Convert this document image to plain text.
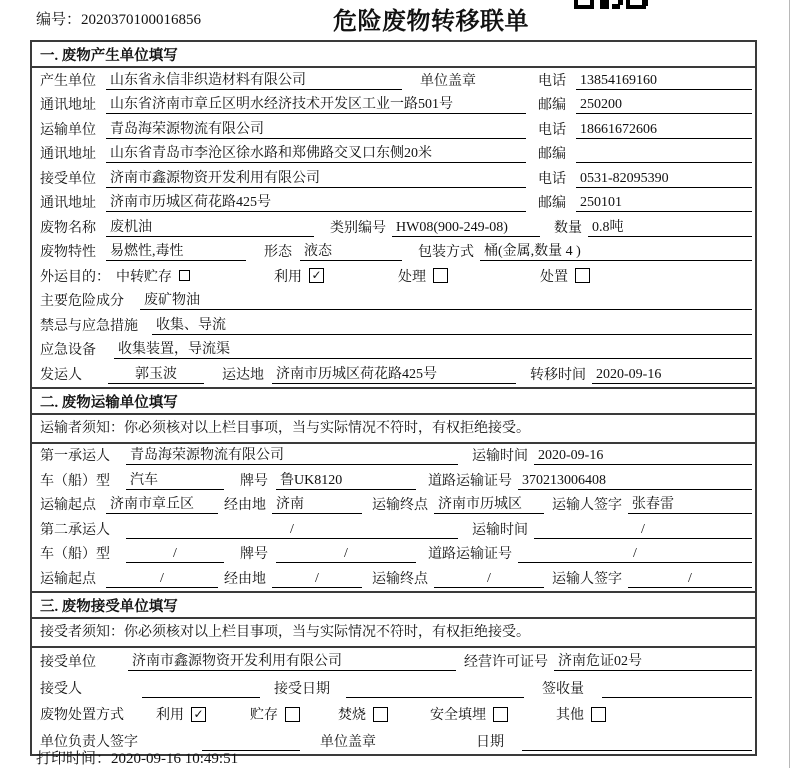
编号：2020370100016856	危险废物转移联单
一. 废物产生单位填写
产生单位	山东省永信非织造材料有限公司	单位盖章	电话	13854169160
通讯地址	山东省济南市章丘区明水经济技术开发区工业一路501号	邮编	250200
运输单位	青岛海荣源物流有限公司	电话	18661672606
通讯地址	山东省青岛市李沧区徐水路和郑佛路交叉口东侧20米	邮编
接受单位	济南市鑫源物资开发利用有限公司	电话	0531-82095390
通讯地址	济南市历城区荷花路425号	邮编	250101
废物名称	废机油	类别编号 HW08(900-249-08)	数量 0.8吨
废物特性	易燃性,毒性	形态 液态	包装方式 桶(金属,数量 4 )
外运目的： 中转贮存	利用 ✓	处理	处置
主要危险成分	废矿物油
禁忌与应急措施	收集、导流
应急设备	收集装置，导流渠
发运人	郭玉波	运达地 济南市历城区荷花路425号	转移时间 2020-09-16
二. 废物运输单位填写
运输者须知：你必须核对以上栏目事项，当与实际情况不符时，有权拒绝接受。
第一承运人	青岛海荣源物流有限公司	运输时间 2020-09-16
车（船）型	汽车	牌号 鲁UK8120	道路运输证号 370213006408
运输起点 济南市章丘区	经由地 济南	运输终点 济南市历城区	运输人签字 张春雷
第二承运人	/	运输时间	/
车（船）型	/	牌号	/	道路运输证号	/
运输起点	/	经由地	/	运输终点	/	运输人签字	/
三. 废物接受单位填写
接受者须知：你必须核对以上栏目事项，当与实际情况不符时，有权拒绝接受。
接受单位	济南市鑫源物资开发利用有限公司	经营许可证号 济南危证02号
接受人	接受日期	签收量
废物处置方式	利用 ✓	贮存	焚烧	安全填埋	其他
单位负责人签字	单位盖章	日期
打印时间：2020-09-16 10:49:51
